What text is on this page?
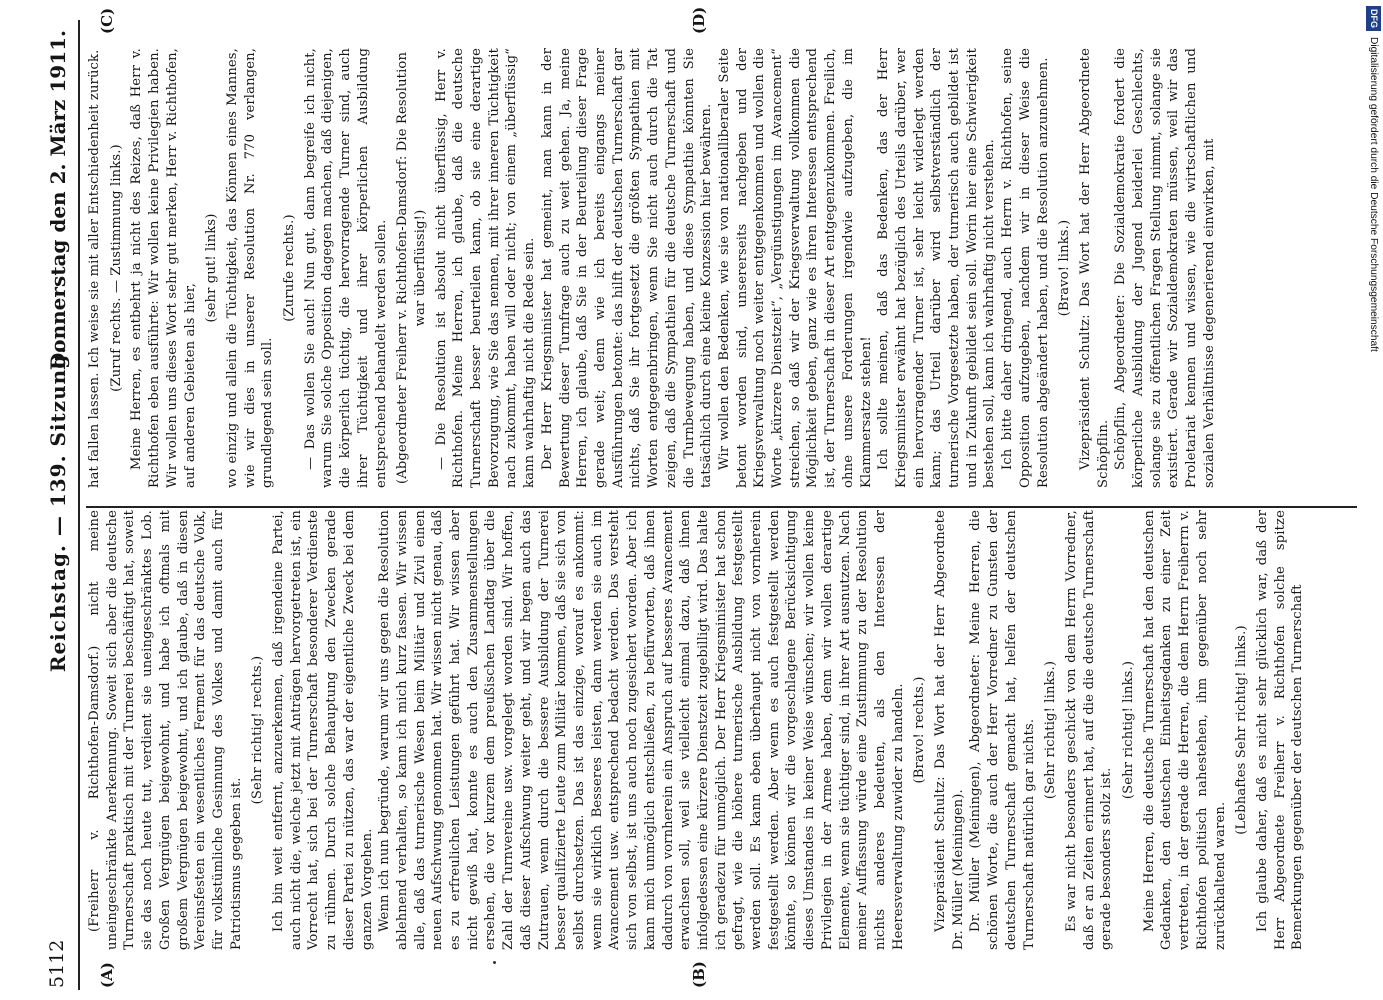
5112
Reichstag. — 139. Sitzung.
Donnerstag den 2. März 1911.
(A)	(B)
(C)	(D)

(Freiherr v. Richthofen-Damsdorf.) nicht meine uneingeschränkte Anerkennung. Soweit sich aber die deutsche Turnerschaft praktisch mit der Turnerei beschäftigt hat, soweit sie das noch heute tut, verdient sie uneingeschränktes Lob. Großen Vergnügen beigewohnt, und habe ich oftmals mit großem Vergnügen beigewohnt, und ich glaube, daß in diesen Vereinsfesten ein wesentliches Ferment für das deutsche Volk, für volkstümliche Gesinnung des Volkes und damit auch für Patriotismus gegeben ist.

(Sehr richtig! rechts.) Ich bin weit entfernt, anzuerkennen, daß irgendeine Partei, auch nicht die, welche jetzt mit Anträgen hervorgetreten ist, ein Vorrecht hat, sich bei der Turnerschaft besonderer Verdienste zu rühmen. Durch solche Behauptung den Zwecken gerade dieser Partei zu nützen, das war der eigentliche Zweck bei dem ganzen Vorgehen. Wenn ich nun begründe, warum wir uns gegen die Resolution ablehnend verhalten, so kann ich mich kurz fassen. Wir wissen alle, daß das turnerische Wesen beim Militär und Zivil einen neuen Aufschwung genommen hat. Wir wissen nicht genau, daß es zu erfreulichen Leistungen geführt hat. Wir wissen aber nicht gewiß hat, konnte es auch den Zusammenstellungen ersehen, die vor kurzem dem preußischen Landtag über die Zahl der Turnvereine usw. vorgelegt worden sind. Wir hoffen, daß dieser Aufschwung weiter geht, und wir hegen auch das Zutrauen, wenn durch die bessere Ausbildung der Turnerei besser qualifizierte Leute zum Militär kommen, daß sie sich von selbst durchsetzen. Das ist das einzige, worauf es ankommt: wenn sie wirklich Besseres leisten, dann werden sie auch im Avancement usw. entsprechend bedacht werden. Das versteht sich von selbst, ist uns auch noch zugesichert worden. Aber ich kann mich unmöglich entschließen, zu befürworten, daß ihnen dadurch von vornherein ein Anspruch auf besseres Avancement erwachsen soll, weil sie vielleicht einmal dazu, daß ihnen infolgedessen eine kürzere Dienstzeit zugebilligt wird. Das halte ich geradezu für unmöglich. Der Herr Kriegsminister hat schon gefragt, wie die höhere turnerische Ausbildung festgestellt werden soll. Es kann eben überhaupt nicht von vornherein festgestellt werden. Aber wenn es auch festgestellt werden könnte, so können wir die vorgeschlagene Berücksichtigung dieses Umstandes in keiner Weise wünschen; wir wollen keine Privilegien in der Armee haben, denn wir wollen derartige Elemente, wenn sie tüchtiger sind, in ihrer Art ausnutzen. Nach meiner Auffassung würde eine Zustimmung zu der Resolution nichts anderes bedeuten, als den Interessen der Heeresverwaltung zuwider zu handeln. (Bravo! rechts.) Vizepräsident Schultz: Das Wort hat der Herr Abgeordnete Dr. Müller (Meiningen). Dr. Müller (Meiningen), Abgeordneter: Meine Herren, die schönen Worte, die auch der Herr Vorredner zu Gunsten der deutschen Turnerschaft gemacht hat, helfen der deutschen Turnerschaft natürlich gar nichts. (Sehr richtig! links.) Es war nicht besonders geschickt von dem Herrn Vorredner, daß er an Zeiten erinnert hat, auf die die deutsche Turnerschaft gerade besonders stolz ist.

(Sehr richtig! links.) Meine Herren, die deutsche Turnerschaft hat den deutschen Gedanken, den deutschen Einheitsgedanken zu einer Zeit vertreten, in der gerade die Herren, die dem Herrn Freiherrn v. Richthofen politisch nahestehen, ihm gegenüber noch sehr zurückhaltend waren.

(Lebhaftes Sehr richtig! links.) Ich glaube daher, daß es nicht sehr glücklich war, daß der Herr Abgeordnete Freiherr v. Richthofen solche spitze Bemerkungen gegenüber der deutschen Turnerschaft

hat fallen lassen. Ich weise sie mit aller Entschiedenheit zurück. (Zuruf rechts. — Zustimmung links.) Meine Herren, es entbehrt ja nicht des Reizes, daß Herr v. Richthofen eben ausführte: Wir wollen keine Privilegien haben. Wir wollen uns dieses Wort sehr gut merken, Herr v. Richthofen, auf anderen Gebieten als hier,

(sehr gut! links) wo einzig und allein die Tüchtigkeit, das Können eines Mannes, wie wir dies in unserer Resolution Nr. 770 verlangen, grundlegend sein soll.

(Zurufe rechts.) — Das wollen Sie auch! Nun gut, dann begreife ich nicht, warum Sie solche Opposition dagegen machen, daß diejenigen, die körperlich tüchtig, die hervorragende Turner sind, auch ihrer Tüchtigkeit und ihrer körperlichen Ausbildung entsprechend behandelt werden sollen. (Abgeordneter Freiherr v. Richthofen-Damsdorf: Die Resolution war überflüssig!) — Die Resolution ist absolut nicht überflüssig, Herr v. Richthofen. Meine Herren, ich glaube, daß die deutsche Turnerschaft besser beurteilen kann, ob sie eine derartige Bevorzugung, wie Sie das nennen, mit ihrer inneren Tüchtigkeit nach zukommt, haben will oder nicht; von einem „überflüssig“ kann wahrhaftig nicht die Rede sein. Der Herr Kriegsminister hat gemeint, man kann in der Bewertung dieser Turnfrage auch zu weit gehen. Ja, meine Herren, ich glaube, daß Sie in der Beurteilung dieser Frage gerade weit; denn wie ich bereits eingangs meiner Ausführungen betonte: das hilft der deutschen Turnerschaft gar nichts, daß Sie ihr fortgesetzt die größten Sympathien mit Worten entgegenbringen, wenn Sie nicht auch durch die Tat zeigen, daß die Sympathien für die deutsche Turnerschaft und die Turnbewegung haben, und diese Sympathie könnten Sie tatsächlich durch eine kleine Konzession hier bewähren. Wir wollen den Bedenken, wie sie von nationalliberaler Seite betont worden sind, unsererseits nachgeben und der Kriegsverwaltung noch weiter entgegenkommen und wollen die Worte „kürzere Dienstzeit“, „Vergünstigungen im Avancement“ streichen, so daß wir der Kriegsverwaltung vollkommen die Möglichkeit geben, ganz wie es ihren Interessen entsprechend ist, der Turnerschaft in dieser Art entgegenzukommen. Freilich, ohne unsere Forderungen irgendwie aufzugeben, die im Klammersatze stehen! Ich sollte meinen, daß das Bedenken, das der Herr Kriegsminister erwähnt hat bezüglich des Urteils darüber, wer ein hervorragender Turner ist, sehr leicht widerlegt werden kann; das Urteil darüber wird selbstverständlich der turnerische Vorgesetzte haben, der turnerisch auch gebildet ist und in Zukunft gebildet sein soll. Worin hier eine Schwierigkeit bestehen soll, kann ich wahrhaftig nicht verstehen. Ich bitte daher dringend, auch Herrn v. Richthofen, seine Opposition aufzugeben, nachdem wir in dieser Weise die Resolution abgeändert haben, und die Resolution anzunehmen. (Bravo! links.) Vizepräsident Schultz: Das Wort hat der Herr Abgeordnete Schöpflin. Schöpflin, Abgeordneter: Die Sozialdemokratie fordert die körperliche Ausbildung der Jugend beiderlei Geschlechts, solange sie zu öffentlichen Fragen Stellung nimmt, solange sie existiert. Gerade wir Sozialdemokraten müssen, weil wir das Proletariat kennen und wissen, wie die wirtschaftlichen und sozialen Verhältnisse degenerierend einwirken, mit

DFGDigitalisierung gefördert durch die Deutsche Forschungsgemeinschaft
